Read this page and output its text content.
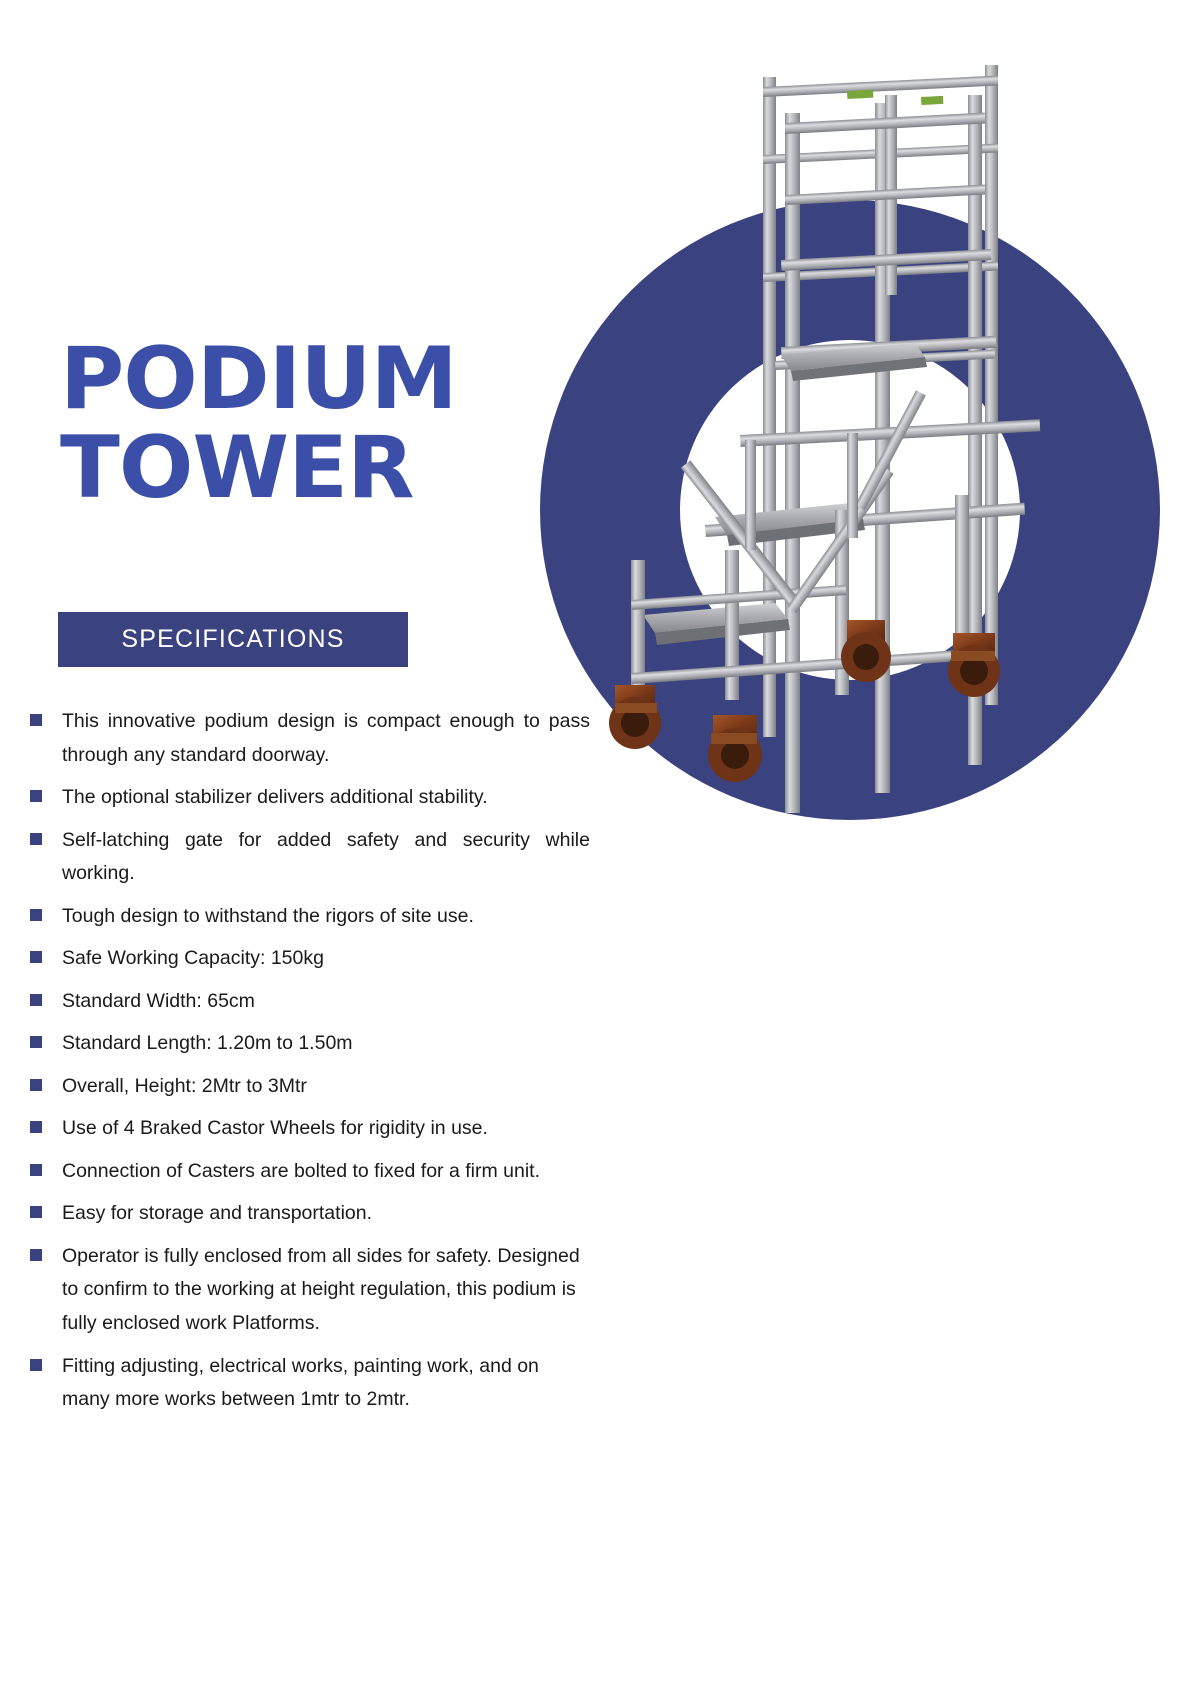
PODIUM
TOWER
SPECIFICATIONS
This innovative podium design is compact enough to pass through any standard doorway.
The optional stabilizer delivers additional stability.
Self-latching gate for added safety and security while working.
Tough design to withstand the rigors of site use.
Safe Working Capacity: 150kg
Standard Width: 65cm
Standard Length: 1.20m to 1.50m
Overall, Height: 2Mtr to 3Mtr
Use of 4 Braked Castor Wheels for rigidity in use.
Connection of Casters are bolted to fixed for a firm unit.
Easy for storage and transportation.
Operator is fully enclosed from all sides for safety. Designed to confirm to the working at height regulation, this podium is fully enclosed work Platforms.
Fitting adjusting, electrical works, painting work, and on many more works between 1mtr to 2mtr.
